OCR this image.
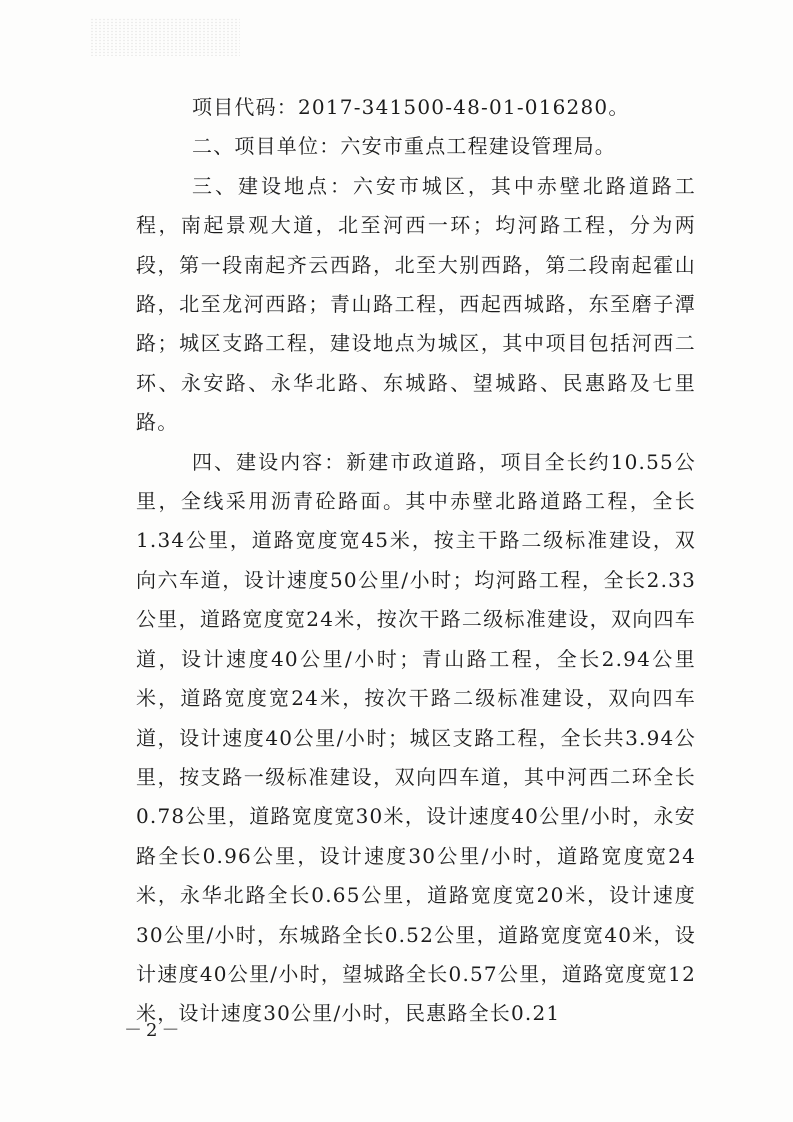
项目代码：2017-341500-48-01-016280。

二、项目单位：六安市重点工程建设管理局。

三、建设地点：六安市城区，其中赤壁北路道路工程，南起景观大道，北至河西一环；均河路工程，分为两段，第一段南起齐云西路，北至大别西路，第二段南起霍山路，北至龙河西路；青山路工程，西起西城路，东至磨子潭路；城区支路工程，建设地点为城区，其中项目包括河西二环、永安路、永华北路、东城路、望城路、民惠路及七里路。

四、建设内容：新建市政道路，项目全长约10.55公里，全线采用沥青砼路面。其中赤壁北路道路工程，全长1.34公里，道路宽度宽45米，按主干路二级标准建设，双向六车道，设计速度50公里/小时；均河路工程，全长2.33公里，道路宽度宽24米，按次干路二级标准建设，双向四车道，设计速度40公里/小时；青山路工程，全长2.94公里米，道路宽度宽24米，按次干路二级标准建设，双向四车道，设计速度40公里/小时；城区支路工程，全长共3.94公里，按支路一级标准建设，双向四车道，其中河西二环全长0.78公里，道路宽度宽30米，设计速度40公里/小时，永安路全长0.96公里，设计速度30公里/小时，道路宽度宽24米，永华北路全长0.65公里，道路宽度宽20米，设计速度30公里/小时，东城路全长0.52公里，道路宽度宽40米，设计速度40公里/小时，望城路全长0.57公里，道路宽度宽12米，设计速度30公里/小时，民惠路全长0.21

－2－
